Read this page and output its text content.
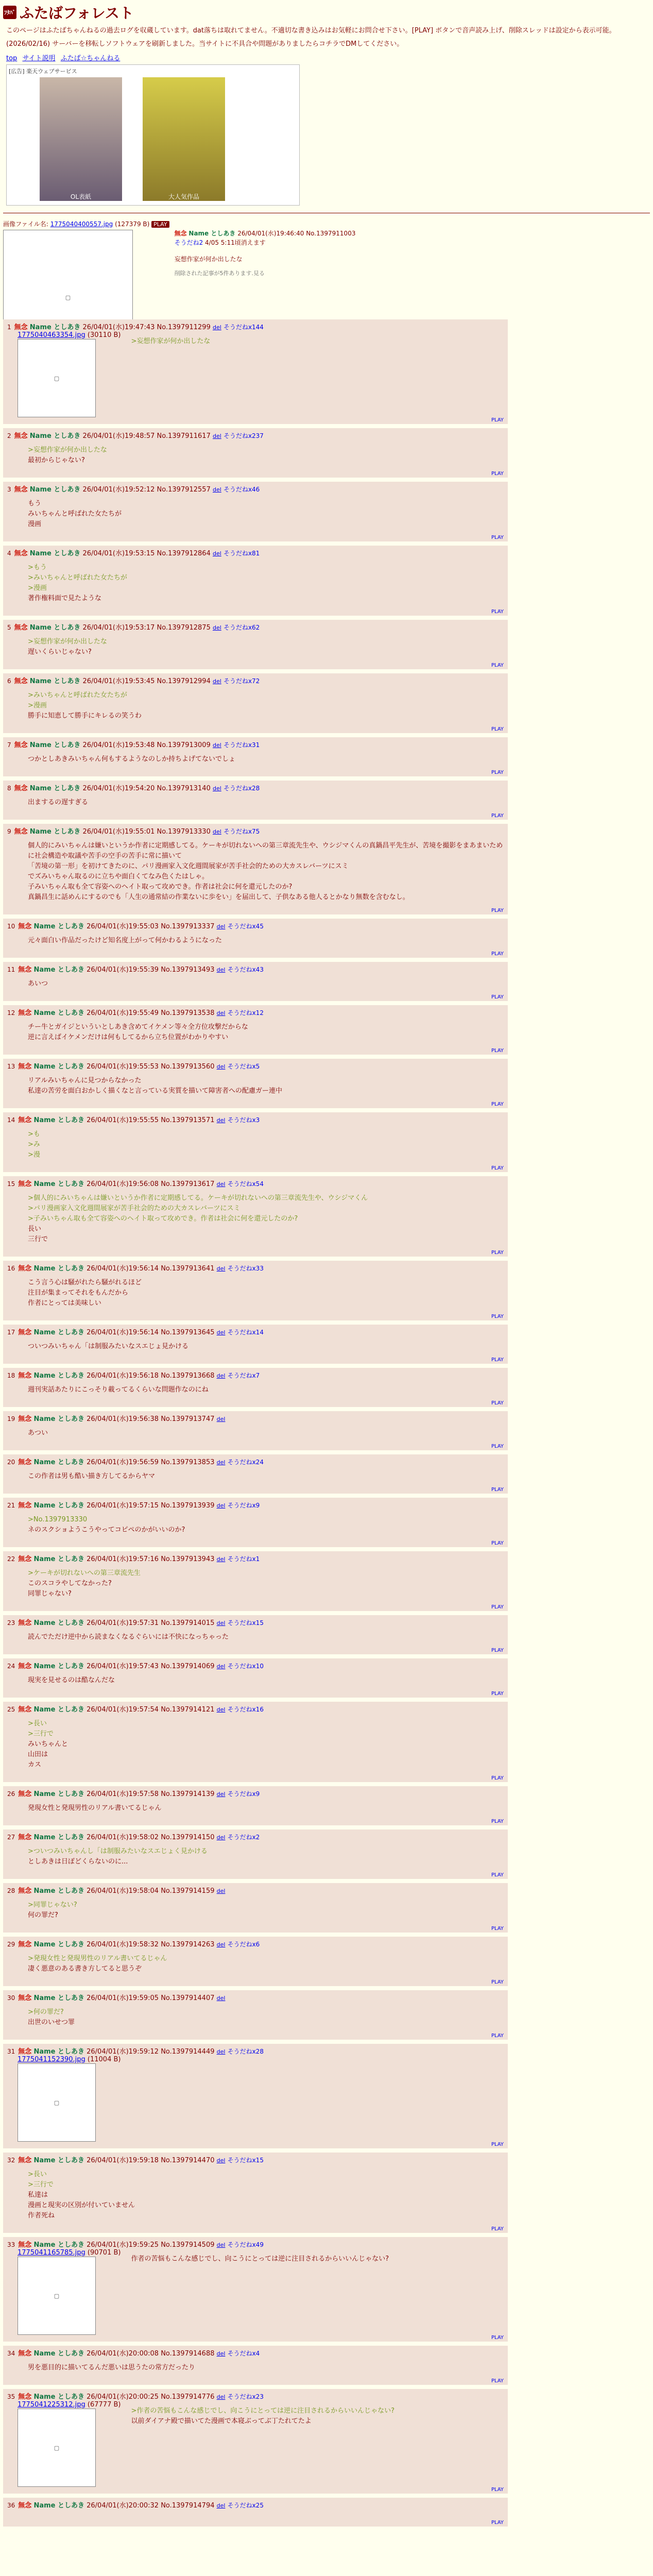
ﾌﾀﾊﾞ ふたばフォレスト

このページはふたばちゃんねるの過去ログを収蔵しています。dat落ちは取れてません。不適切な書き込みはお気軽にお問合せ下さい。[PLAY] ボタンで音声読み上げ、削除スレッドは設定から表示可能。

(2026/02/16) サーバーを移転しソフトウェアを刷新しました。当サイトに不具合や問題がありましたらコチラでDMしてください。

top サイト説明 ふたば☆ちゃんねる
[広告] 楽天ウェブサービス
OL表紙	大人気作品
画像ファイル名: 1775040400557.jpg (127379 B) PLAY
▢
無念 Name としあき 26/04/01(水)19:46:40 No.1397911003
そうだね2 4/05 5:11頃消えます
妄想作家が何か出したな
削除された記事が5件あります.見る
1 無念 Name としあき 26/04/01(水)19:47:43 No.1397911299 del そうだねx144
1775040463354.jpg (30110 B)
▢
>妄想作家が何か出したな
PLAY
2 無念 Name としあき 26/04/01(水)19:48:57 No.1397911617 del そうだねx237
>妄想作家が何か出したな
最初からじゃない?
PLAY
3 無念 Name としあき 26/04/01(水)19:52:12 No.1397912557 del そうだねx46
もう
みいちゃんと呼ばれた女たちが
漫画
PLAY
4 無念 Name としあき 26/04/01(水)19:53:15 No.1397912864 del そうだねx81
>もう
>みいちゃんと呼ばれた女たちが
>漫画
著作権料面で見たような
PLAY
5 無念 Name としあき 26/04/01(水)19:53:17 No.1397912875 del そうだねx62
>妄想作家が何か出したな
遅いくらいじゃない?
PLAY
6 無念 Name としあき 26/04/01(水)19:53:45 No.1397912994 del そうだねx72
>みいちゃんと呼ばれた女たちが
>漫画
勝手に知恵して勝手にキレるの笑うわ
PLAY
7 無念 Name としあき 26/04/01(水)19:53:48 No.1397913009 del そうだねx31
つかとしあきみいちゃん何もするようなのしか持ちよげてないでしょ
PLAY
8 無念 Name としあき 26/04/01(水)19:54:20 No.1397913140 del そうだねx28
出まするの遅すぎる
PLAY
9 無念 Name としあき 26/04/01(水)19:55:01 No.1397913330 del そうだねx75
個人的にみいちゃんは嫌いというか作者に定期感してる。ケーキが切れないへの第三章流先生や、ウシジマくんの真鍋昌平先生が、苦境を撮影をまあまいために社会構造や取議や苦手の空手の苦手に常に描いて
「苦境の第一形」を初けてきたのに、パリ漫画家入文化週間展家が苦手社会的ための大カスレバーツにスミ
でズみいちゃん取るのに立ちや面白くてなみ色くたはしゃ。
子みいちゃん取も全て容姿へのヘイト取って攻めでき。作者は社会に何を還元したのか?
真鍋昌生に話めんにするのでも「人生の通常結の作業ないに歩をい」を届出して、子供なある他人るとかなり無数を含むなし。
PLAY
10 無念 Name としあき 26/04/01(水)19:55:03 No.1397913337 del そうだねx45
元々面白い作品だったけど知名度上がって何かわるようになった
PLAY
11 無念 Name としあき 26/04/01(水)19:55:39 No.1397913493 del そうだねx43
あいつ
PLAY
12 無念 Name としあき 26/04/01(水)19:55:49 No.1397913538 del そうだねx12
チー牛とガイジといういとしあき含めてイケメン等々全方位攻撃だからな
逆に言えばイケメンだけは何もしてるから立ち位置がわかりやすい
PLAY
13 無念 Name としあき 26/04/01(水)19:55:53 No.1397913560 del そうだねx5
リアルみいちゃんに見つからなかった
私達の苦労を面白おかしく描くなと言っている実質を描いて障害者への配慮ガー連中
PLAY
14 無念 Name としあき 26/04/01(水)19:55:55 No.1397913571 del そうだねx3
>も
>み
>漫
PLAY
15 無念 Name としあき 26/04/01(水)19:56:08 No.1397913617 del そうだねx54
>個人的にみいちゃんは嫌いというか作者に定期感してる。ケーキが切れないへの第三章流先生や、ウシジマくん
>パリ漫画家入文化週間展家が苦手社会的ための大カスレバーツにスミ
>子みいちゃん取も全て容姿へのヘイト取って攻めでき。作者は社会に何を還元したのか?
長い
三行で
PLAY
16 無念 Name としあき 26/04/01(水)19:56:14 No.1397913641 del そうだねx33
こう言う心は騒がれたら騒がれるほど
注目が集まってそれをもんだから
作者にとっては美味しい
PLAY
17 無念 Name としあき 26/04/01(水)19:56:14 No.1397913645 del そうだねx14
ついつみいちゃん「は制服みたいなスエじょ見かける
PLAY
18 無念 Name としあき 26/04/01(水)19:56:18 No.1397913668 del そうだねx7
週刊実話あたりにこっそり載ってるくらいな問題作なのにね
PLAY
19 無念 Name としあき 26/04/01(水)19:56:38 No.1397913747 del
あつい
PLAY
20 無念 Name としあき 26/04/01(水)19:56:59 No.1397913853 del そうだねx24
この作者は男も酷い描き方してるからヤマ
PLAY
21 無念 Name としあき 26/04/01(水)19:57:15 No.1397913939 del そうだねx9
>No.1397913330
ネのスクショようこうやってコピペのかがいいのか?
PLAY
22 無念 Name としあき 26/04/01(水)19:57:16 No.1397913943 del そうだねx1
>ケーキが切れないへの第三章流先生
このスコラやしてなかった?
同罪じゃない?
PLAY
23 無念 Name としあき 26/04/01(水)19:57:31 No.1397914015 del そうだねx15
読んでただけ逆中から読まなくなるぐらいには不快になっちゃった
PLAY
24 無念 Name としあき 26/04/01(水)19:57:43 No.1397914069 del そうだねx10
現実を見せるのは酷なんだな
PLAY
25 無念 Name としあき 26/04/01(水)19:57:54 No.1397914121 del そうだねx16
>長い
>三行で
みいちゃんと
山田は
カス
PLAY
26 無念 Name としあき 26/04/01(水)19:57:58 No.1397914139 del そうだねx9
発現女性と発現男性のリアル書いてるじゃん
PLAY
27 無念 Name としあき 26/04/01(水)19:58:02 No.1397914150 del そうだねx2
>ついつみいちゃんし「は制服みたいなスエじょく見かける
としあきは日ぽどくらないのに...
PLAY
28 無念 Name としあき 26/04/01(水)19:58:04 No.1397914159 del
>同罪じゃない?
何の罪だ?
PLAY
29 無念 Name としあき 26/04/01(水)19:58:32 No.1397914263 del そうだねx6
>発現女性と発現男性のリアル書いてるじゃん
凄く悪意のある書き方してると思うぞ
PLAY
30 無念 Name としあき 26/04/01(水)19:59:05 No.1397914407 del
>何の罪だ?
出世のいせつ罪
PLAY
31 無念 Name としあき 26/04/01(水)19:59:12 No.1397914449 del そうだねx28
1775041152390.jpg (11004 B)
▢
PLAY
32 無念 Name としあき 26/04/01(水)19:59:18 No.1397914470 del そうだねx15
>長い
>三行で
私達は
漫画と現実の区別が付いていません
作者死ね
PLAY
33 無念 Name としあき 26/04/01(水)19:59:25 No.1397914509 del そうだねx49
1775041165785.jpg (90701 B)
▢
作者の苦悩もこんな感じでし、向こうにとっては逆に注目されるからいいんじゃない?
PLAY
34 無念 Name としあき 26/04/01(水)20:00:08 No.1397914688 del そうだねx4
男を悪目的に描いてるんだ悪いは思うたの常方だったり
PLAY
35 無念 Name としあき 26/04/01(水)20:00:25 No.1397914776 del そうだねx23
1775041225312.jpg (67777 B)
▢
>作者の苦悩もこんな感じでし、向こうにとっては逆に注目されるからいいんじゃない?
以前ダイアナ殿で描いてた漫画で本寝ぶってぶ丁たれてたよ
PLAY
36 無念 Name としあき 26/04/01(水)20:00:32 No.1397914794 del そうだねx25
PLAY
